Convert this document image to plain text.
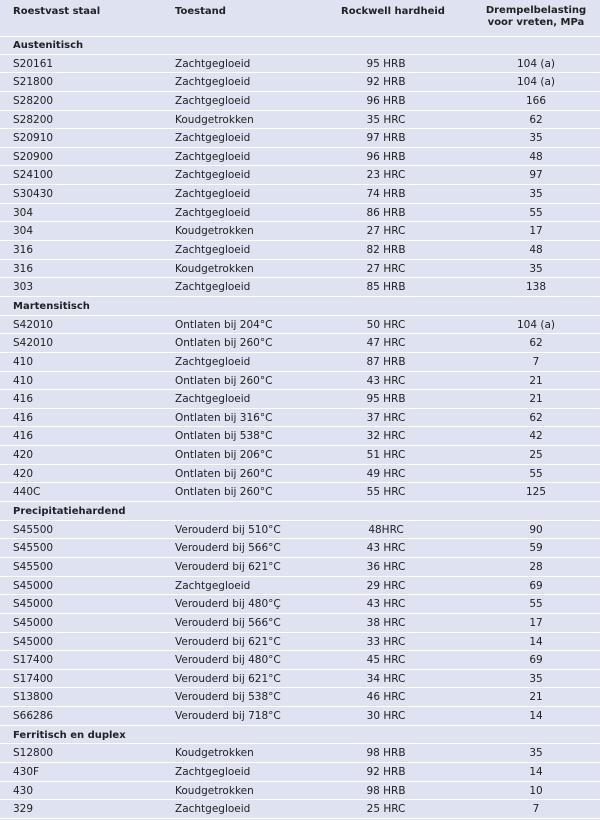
Roestvast staal	Toestand	Rockwell hardheid	Drempelbelasting
voor vreten, MPa
Austenitisch
S20161	Zachtgegloeid	95 HRB	104 (a)
S21800	Zachtgegloeid	92 HRB	104 (a)
S28200	Zachtgegloeid	96 HRB	166
S28200	Koudgetrokken	35 HRC	62
S20910	Zachtgegloeid	97 HRB	35
S20900	Zachtgegloeid	96 HRB	48
S24100	Zachtgegloeid	23 HRC	97
S30430	Zachtgegloeid	74 HRB	35
304	Zachtgegloeid	86 HRB	55
304	Koudgetrokken	27 HRC	17
316	Zachtgegloeid	82 HRB	48
316	Koudgetrokken	27 HRC	35
303	Zachtgegloeid	85 HRB	138
Martensitisch
S42010	Ontlaten bij 204°C	50 HRC	104 (a)
S42010	Ontlaten bij 260°C	47 HRC	62
410	Zachtgegloeid	87 HRB	7
410	Ontlaten bij 260°C	43 HRC	21
416	Zachtgegloeid	95 HRB	21
416	Ontlaten bij 316°C	37 HRC	62
416	Ontlaten bij 538°C	32 HRC	42
420	Ontlaten bij 206°C	51 HRC	25
420	Ontlaten bij 260°C	49 HRC	55
440C	Ontlaten bij 260°C	55 HRC	125
Precipitatiehardend
S45500	Verouderd bij 510°C	48HRC	90
S45500	Verouderd bij 566°C	43 HRC	59
S45500	Verouderd bij 621°C	36 HRC	28
S45000	Zachtgegloeid	29 HRC	69
S45000	Verouderd bij 480°Ç	43 HRC	55
S45000	Verouderd bij 566°C	38 HRC	17
S45000	Verouderd bij 621°C	33 HRC	14
S17400	Verouderd bij 480°C	45 HRC	69
S17400	Verouderd bij 621°C	34 HRC	35
S13800	Verouderd bij 538°C	46 HRC	21
S66286	Verouderd bij 718°C	30 HRC	14
Ferritisch en duplex
S12800	Koudgetrokken	98 HRB	35
430F	Zachtgegloeid	92 HRB	14
430	Koudgetrokken	98 HRB	10
329	Zachtgegloeid	25 HRC	7
